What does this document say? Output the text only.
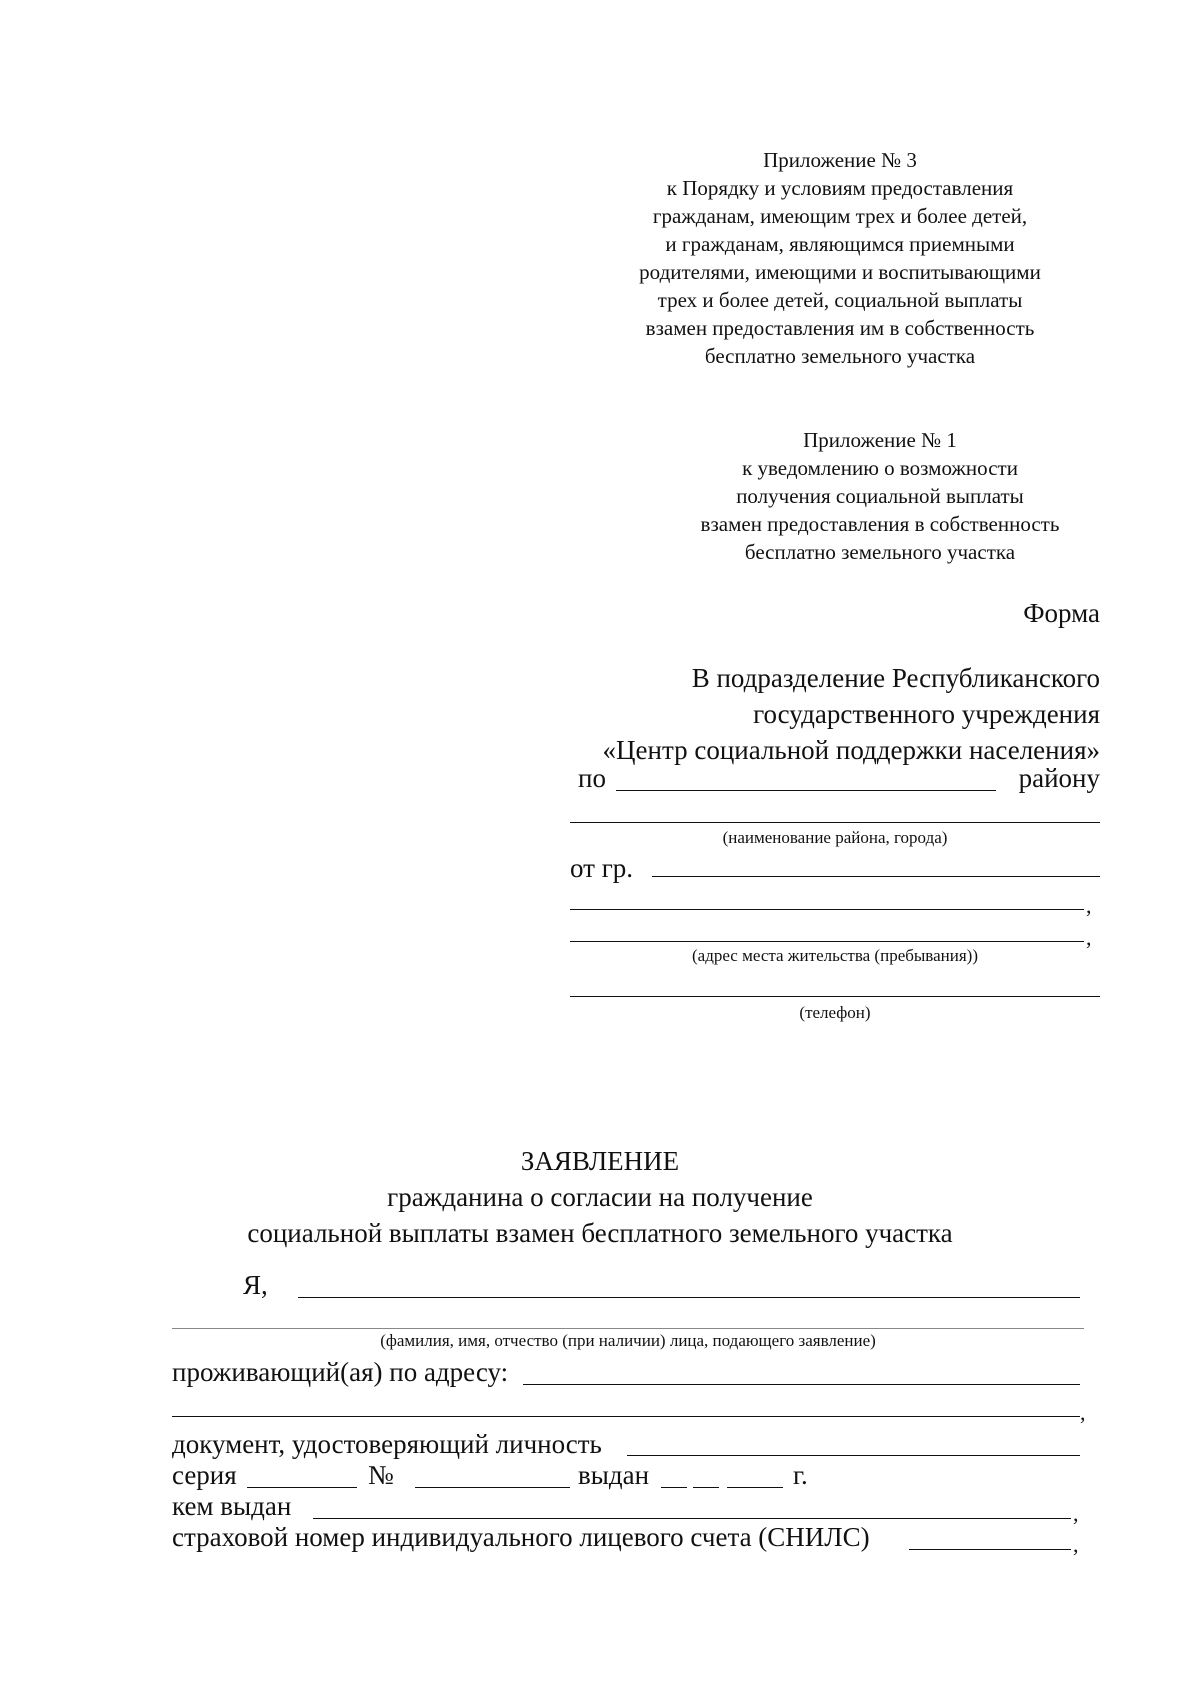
Приложение № 3
к Порядку и условиям предоставления
гражданам, имеющим трех и более детей,
и гражданам, являющимся приемными
родителями, имеющими и воспитывающими
трех и более детей, социальной выплаты
взамен предоставления им в собственность
бесплатно земельного участка
Приложение № 1
к уведомлению о возможности
получения социальной выплаты
взамен предоставления в собственность
бесплатно земельного участка
Форма
В подразделение Республиканского
государственного учреждения
«Центр социальной поддержки населения»
по	району
(наименование района, города)
от гр.
,
,
(адрес места жительства (пребывания))
(телефон)
ЗАЯВЛЕНИЕ
гражданина о согласии на получение
социальной выплаты взамен бесплатного земельного участка
Я,
(фамилия, имя, отчество (при наличии) лица, подающего заявление)
проживающий(ая) по адресу:
,
документ, удостоверяющий личность
серия	№	выдан	г.
кем выдан	,
страховой номер индивидуального лицевого счета (СНИЛС)	,
